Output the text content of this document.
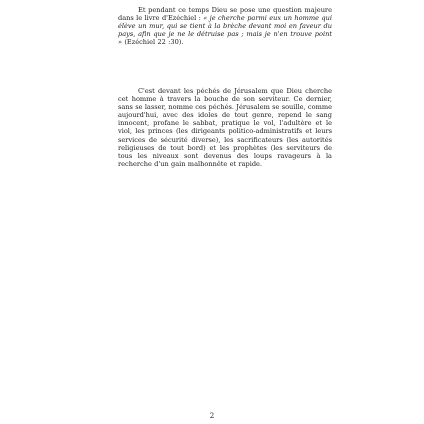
Et pendant ce temps Dieu se pose une question majeure dans le livre d'Ezéchiel : « je cherche parmi eux un homme qui élève un mur, qui se tient à la brèche devant moi en faveur du pays, afin que je ne le détruise pas ; mais je n'en trouve point » (Ezéchiel 22 :30).

C'est devant les péchés de Jérusalem que Dieu cherche cet homme à travers la bouche de son serviteur. Ce dernier, sans se lasser, nomme ces péchés. Jérusalem se souille, comme aujourd'hui, avec des idoles de tout genre, repend le sang innocent, profane le sabbat, pratique le vol, l'adultère et le viol, les princes (les dirigeants politico-administratifs et leurs services de sécurité diverse), les sacrificateurs (les autorités religieuses de tout bord) et les prophètes (les serviteurs de tous les niveaux sont devenus des loups ravageurs à la recherche d'un gain malhonnête et rapide.

2
